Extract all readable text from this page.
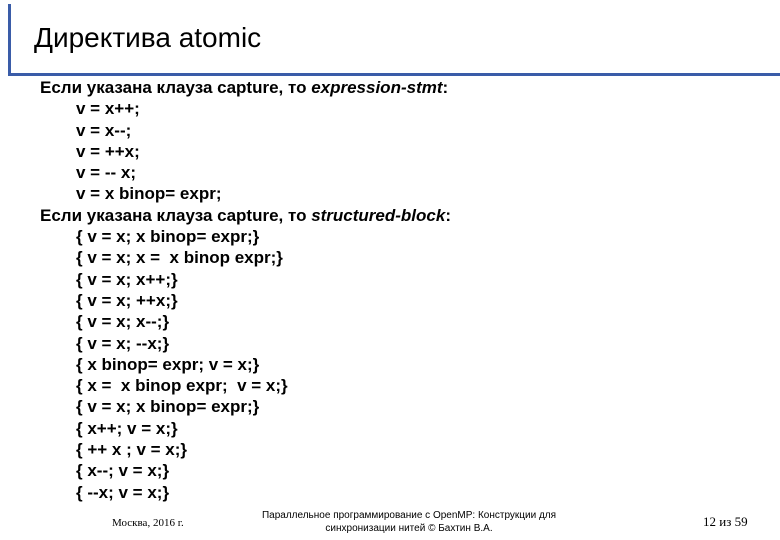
Директива atomic
Если указана клауза capture, то expression-stmt:
v = x++;
v = x--;
v = ++x;
v = -- x;
v = x binop= expr;
Если указана клауза capture, то structured-block:
{ v = x; x binop= expr;}
{ v = x; x =  x binop expr;}
{ v = x; x++;}
{ v = x; ++x;}
{ v = x; x--;}
{ v = x; --x;}
{ x binop= expr; v = x;}
{ x =  x binop expr;  v = x;}
{ v = x; x binop= expr;}
{ x++; v = x;}
{ ++ x ; v = x;}
{ x--; v = x;}
{ --x; v = x;}
Москва, 2016 г.
Параллельное программирование с OpenMP: Конструкции для
синхронизации нитей © Бахтин В.А.	12 из 59
